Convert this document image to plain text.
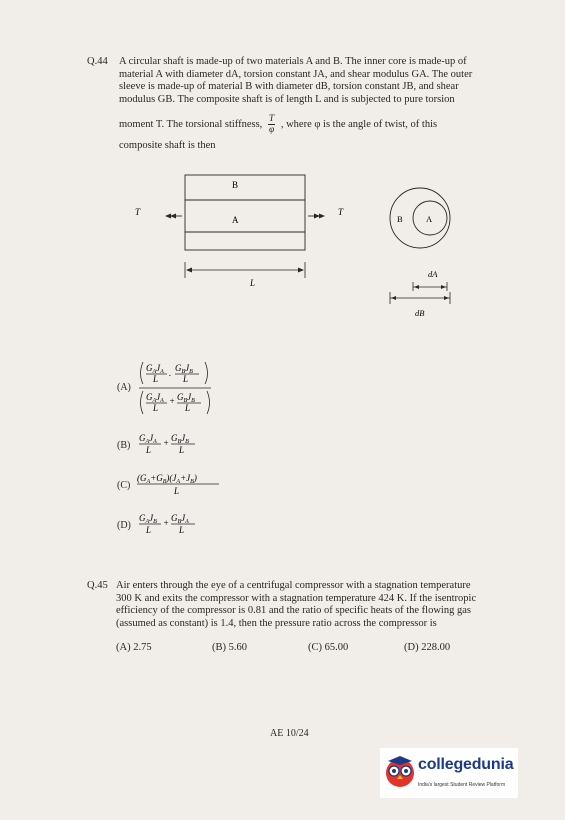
Q.44 A circular shaft is made-up of two materials A and B. The inner core is made-up of
material A with diameter dA, torsion constant JA, and shear modulus GA. The outer
sleeve is made-up of material B with diameter dB, torsion constant JB, and shear
modulus GB. The composite shaft is of length L and is subjected to pure torsion
moment T. The torsional stiffness, $\frac{T}{\varphi}$ , where φ is the angle of twist, of this
composite shaft is then
B
A
T	T
L
B	A
dA
dB
(A)
$G_AJ_A$
L
. $G_BJ_B$
L
$G_AJ_A$
L
+ $G_BJ_B$
L
(B)
$G_AJ_A$
L
+ $G_BJ_B$
L
(C)
$(G_A+G_B)(J_A+J_B)$
L
(D)
$G_AJ_B$
L
+ $G_BJ_A$
L
Q.45 Air enters through the eye of a centrifugal compressor with a stagnation temperature
300 K and exits the compressor with a stagnation temperature 424 K. If the isentropic
efficiency of the compressor is 0.81 and the ratio of specific heats of the flowing gas
(assumed as constant) is 1.4, then the pressure ratio across the compressor is
(A) 2.75	(B) 5.60	(C) 65.00	(D) 228.00
AE 10/24
collegedunia
India's largest Student Review Platform
